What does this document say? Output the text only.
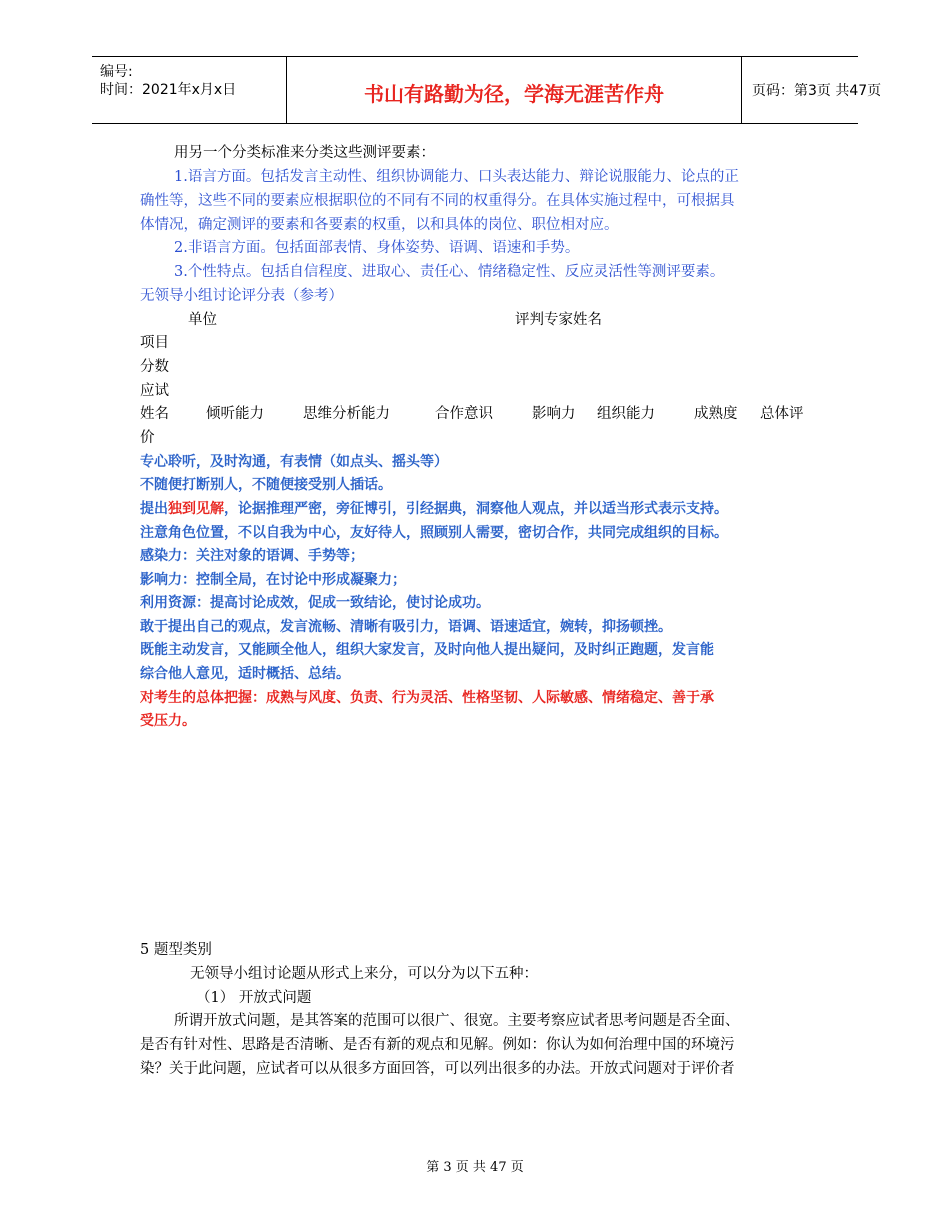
编号:
时间：2021年x月x日	书山有路勤为径，学海无涯苦作舟	页码：第3页 共47页
用另一个分类标准来分类这些测评要素：
1.语言方面。包括发言主动性、组织协调能力、口头表达能力、辩论说服能力、论点的正
确性等，这些不同的要素应根据职位的不同有不同的权重得分。在具体实施过程中，可根据具
体情况，确定测评的要素和各要素的权重，以和具体的岗位、职位相对应。
2.非语言方面。包括面部表情、身体姿势、语调、语速和手势。
3.个性特点。包括自信程度、进取心、责任心、情绪稳定性、反应灵活性等测评要素。
无领导小组讨论评分表（参考）
单位	评判专家姓名
项目
分数
应试
姓名	倾听能力	思维分析能力	合作意识	影响力 组织能力	成熟度 总体评
价
专心聆听，及时沟通，有表情（如点头、摇头等）
不随便打断别人，不随便接受别人插话。
提出独到见解，论据推理严密，旁征博引，引经据典，洞察他人观点，并以适当形式表示支持。
注意角色位置，不以自我为中心，友好待人，照顾别人需要，密切合作，共同完成组织的目标。
感染力：关注对象的语调、手势等；
影响力：控制全局，在讨论中形成凝聚力；
利用资源：提高讨论成效，促成一致结论，使讨论成功。
敢于提出自己的观点，发言流畅、清晰有吸引力，语调、语速适宜，婉转，抑扬顿挫。
既能主动发言，又能顾全他人，组织大家发言，及时向他人提出疑问，及时纠正跑题，发言能
综合他人意见，适时概括、总结。
对考生的总体把握：成熟与风度、负责、行为灵活、性格坚韧、人际敏感、情绪稳定、善于承
受压力。
5 题型类别
无领导小组讨论题从形式上来分，可以分为以下五种：
（1） 开放式问题
所谓开放式问题，是其答案的范围可以很广、很宽。主要考察应试者思考问题是否全面、
是否有针对性、思路是否清晰、是否有新的观点和见解。例如：你认为如何治理中国的环境污
染？关于此问题，应试者可以从很多方面回答，可以列出很多的办法。开放式问题对于评价者
第 3 页 共 47 页
